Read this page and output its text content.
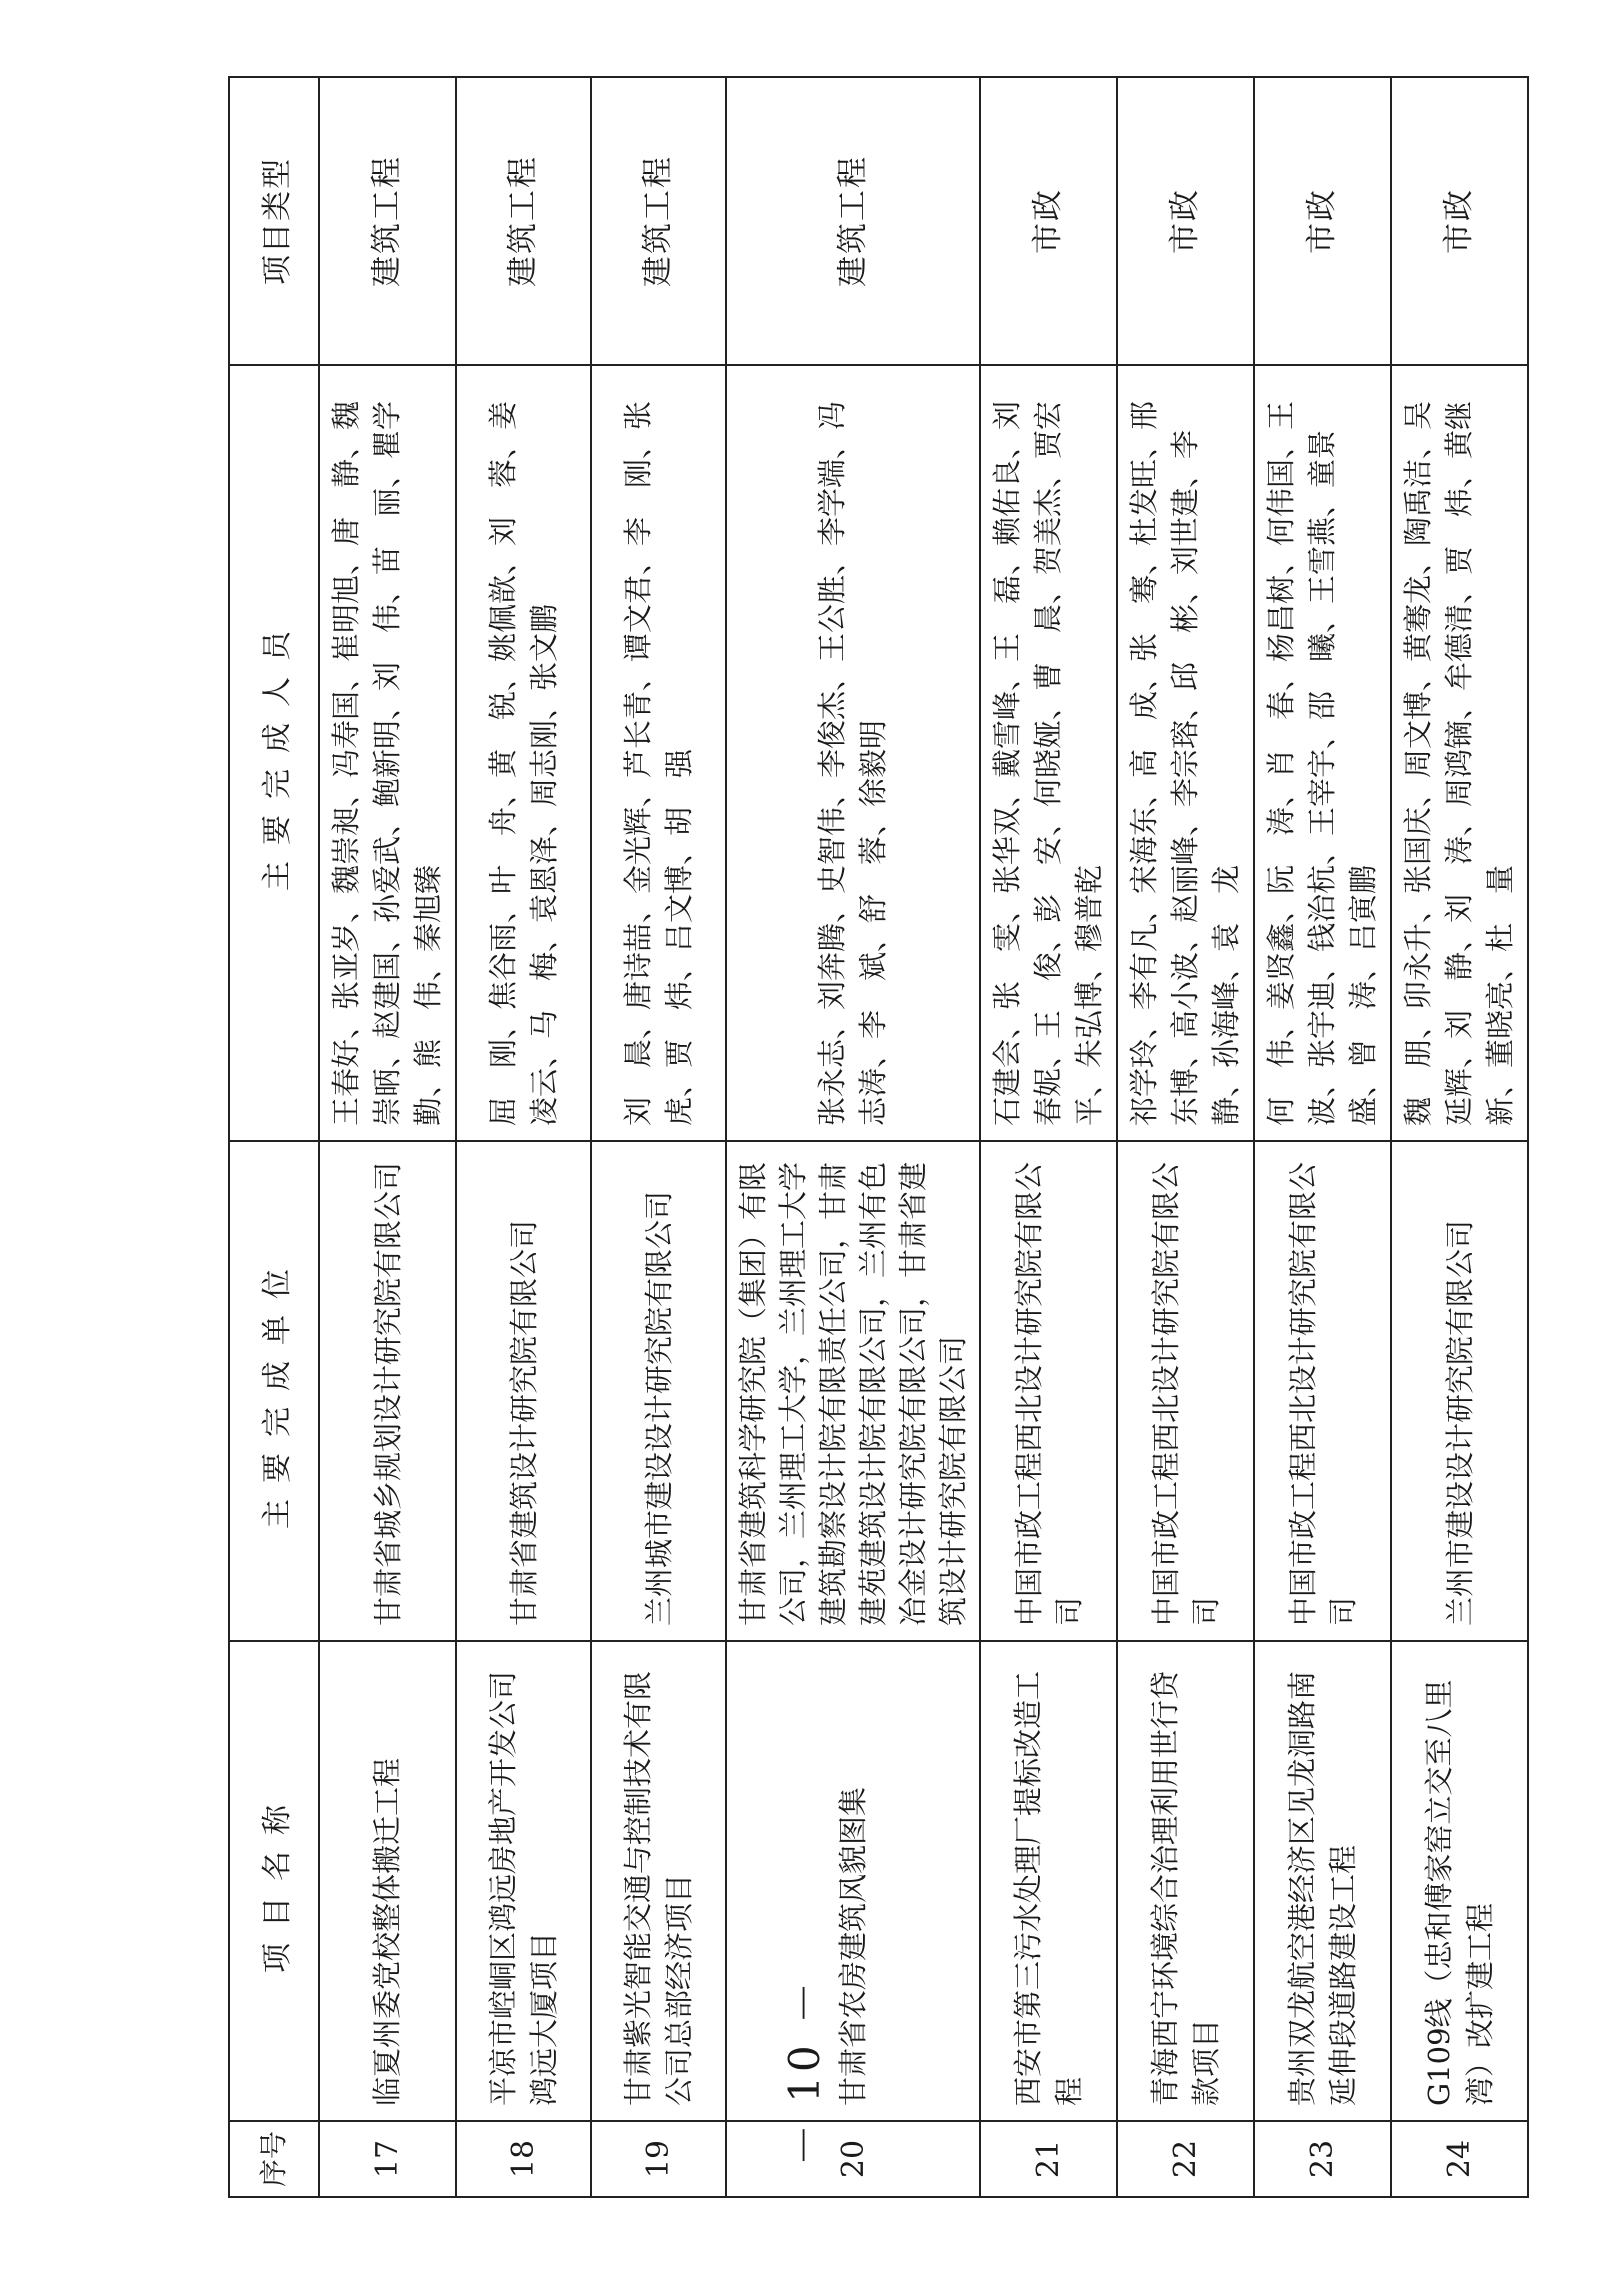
序号	项目名称	主要完成单位	主要完成人员	项目类型
17	临夏州委党校整体搬迁工程	甘肃省城乡规划设计研究院有限公司	王春好、张亚岁、魏崇昶、冯寿国、崔明旭、唐　静、魏崇昞、赵建国、孙爱武、鲍新明、刘　伟、苗　丽、瞿学勤、熊　伟、秦旭臻	建筑工程
18	平凉市崆峒区鸿远房地产开发公司鸿远大厦项目	甘肃省建筑设计研究院有限公司	屈　刚、焦谷雨、叶　舟、黄　锐、姚佩歆、刘　蓉、姜凌云、马　梅、袁恩泽、周志刚、张文鹏	建筑工程
19	甘肃紫光智能交通与控制技术有限公司总部经济项目	兰州城市建设设计研究院有限公司	刘　晨、唐诗喆、金光辉、芦长青、谭文君、李　刚、张　虎、贾　炜、吕文博、胡　强	建筑工程
20	甘肃省农房建筑风貌图集	甘肃省建筑科学研究院（集团）有限公司，兰州理工大学，兰州理工大学建筑勘察设计院有限责任公司，甘肃建苑建筑设计院有限公司，兰州有色冶金设计研究院有限公司，甘肃省建筑设计研究院有限公司	张永志、刘奔腾、史智伟、李俊杰、王公胜、李学端、冯志涛、李　斌、舒　蓉、徐毅明	建筑工程
21	西安市第三污水处理厂提标改造工程	中国市政工程西北设计研究院有限公司	石建会、张　雯、张华双、戴雪峰、王　磊、赖佑良、刘春妮、王　俊、彭　安、何晓娅、曹　晨、贺美杰、贾宏平、朱弘博、穆普乾	市政
22	青海西宁环境综合治理利用世行贷款项目	中国市政工程西北设计研究院有限公司	祁学玲、李有凡、宋海东、高　成、张　骞、杜发旺、邢东博、高小波、赵丽峰、李宗瑢、邱　彬、刘世建、李　静、孙海峰、袁　龙	市政
23	贵州双龙航空港经济区见龙洞路南延伸段道路建设工程	中国市政工程西北设计研究院有限公司	何　伟、姜贤鑫、阮　涛、肖　春、杨昌树、何伟国、王　波、张宇迪、钱治杭、王宰宇、邵　曦、王雪燕、童景盛、曾　涛、吕寅鹏	市政
24	G109线（忠和傅家窑立交至八里湾）改扩建工程	兰州市建设设计研究院有限公司	魏　朋、卯永升、张国庆、周文博、黄骞龙、陶禹洁、吴延辉、刘　静、刘　涛、周鸿镝、牟德清、贾　炜、黄继新、董晓亮、杜　量	市政
－ 10 －
